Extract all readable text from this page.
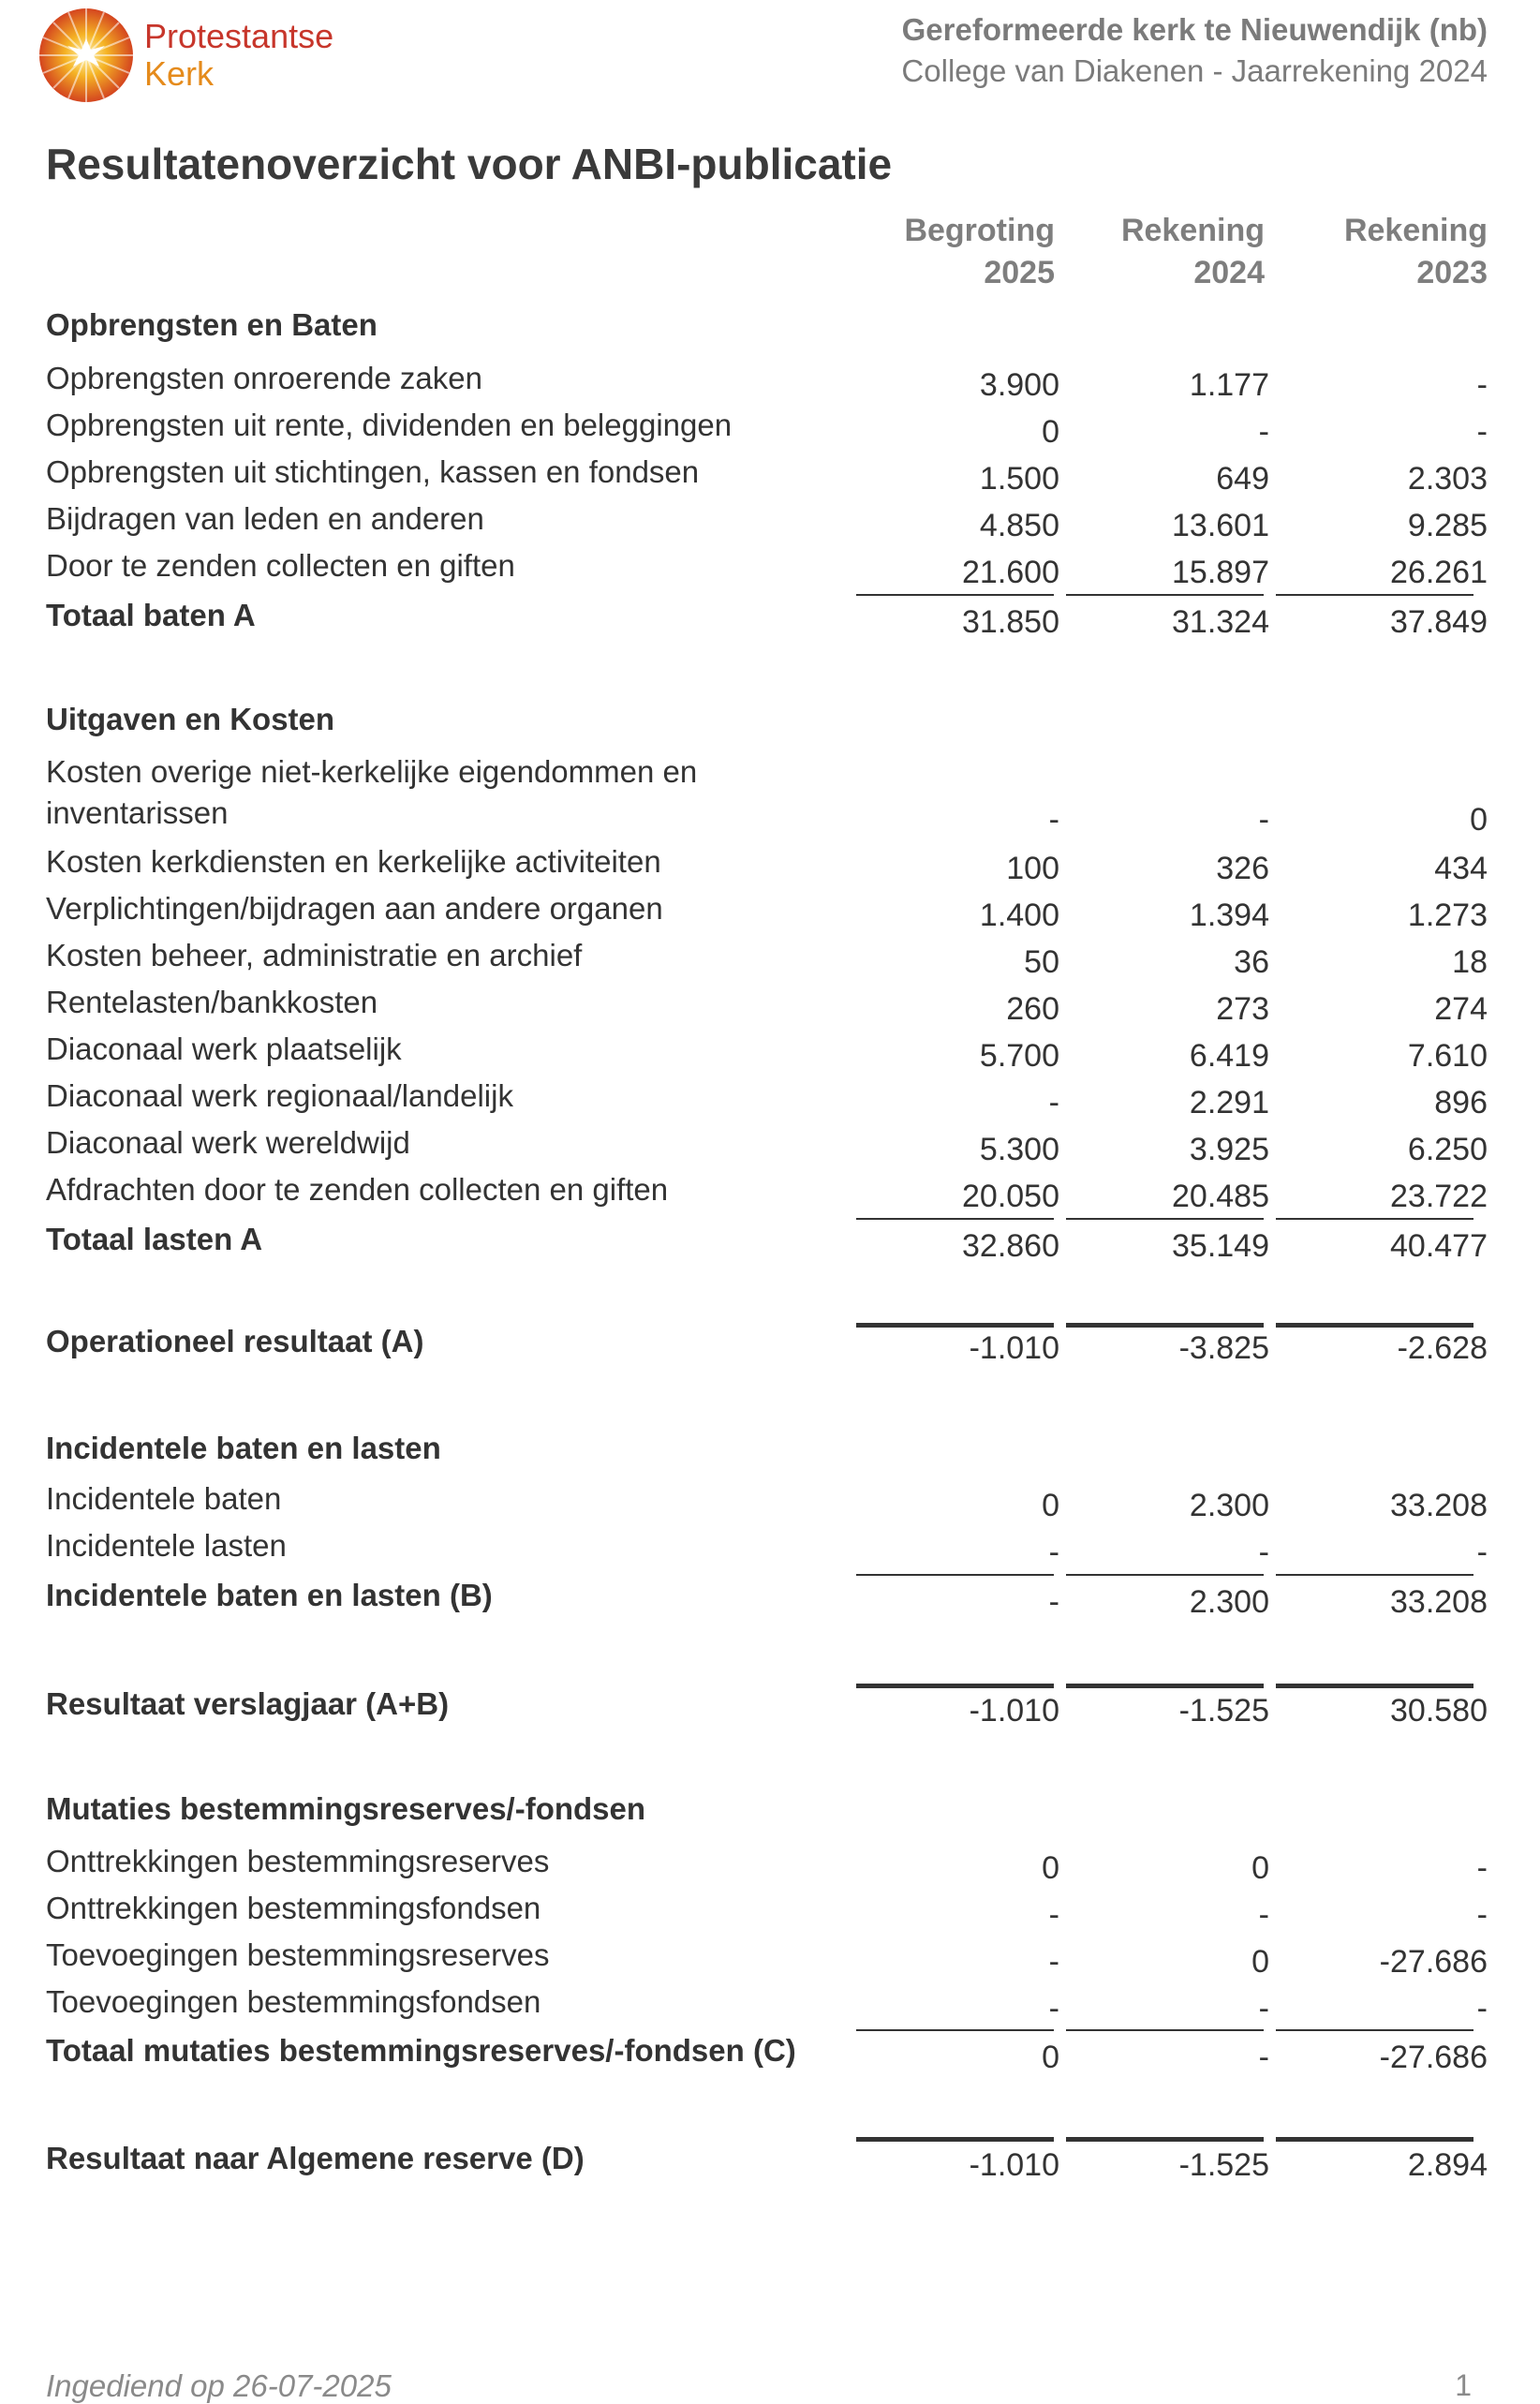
Protestantse
Kerk
Gereformeerde kerk te Nieuwendijk (nb)
College van Diakenen - Jaarrekening 2024
Resultatenoverzicht voor ANBI-publicatie
Begroting
2025
Rekening
2024
Rekening
2023
Opbrengsten en Baten
Opbrengsten onroerende zaken	3.900	1.177	-
Opbrengsten uit rente, dividenden en beleggingen	0	-	-
Opbrengsten uit stichtingen, kassen en fondsen	1.500	649	2.303
Bijdragen van leden en anderen	4.850	13.601	9.285
Door te zenden collecten en giften	21.600	15.897	26.261
Totaal baten A	31.850	31.324	37.849
Uitgaven en Kosten
Kosten overige niet-kerkelijke eigendommen en inventarissen	-	-	0
Kosten kerkdiensten en kerkelijke activiteiten	100	326	434
Verplichtingen/bijdragen aan andere organen	1.400	1.394	1.273
Kosten beheer, administratie en archief	50	36	18
Rentelasten/bankkosten	260	273	274
Diaconaal werk plaatselijk	5.700	6.419	7.610
Diaconaal werk regionaal/landelijk	-	2.291	896
Diaconaal werk wereldwijd	5.300	3.925	6.250
Afdrachten door te zenden collecten en giften	20.050	20.485	23.722
Totaal lasten A	32.860	35.149	40.477
Operationeel resultaat (A)	-1.010	-3.825	-2.628
Incidentele baten en lasten
Incidentele baten	0	2.300	33.208
Incidentele lasten	-	-	-
Incidentele baten en lasten (B)	-	2.300	33.208
Resultaat verslagjaar (A+B)	-1.010	-1.525	30.580
Mutaties bestemmingsreserves/-fondsen
Onttrekkingen bestemmingsreserves	0	0	-
Onttrekkingen bestemmingsfondsen	-	-	-
Toevoegingen bestemmingsreserves	-	0	-27.686
Toevoegingen bestemmingsfondsen	-	-	-
Totaal mutaties bestemmingsreserves/-fondsen (C)	0	-	-27.686
Resultaat naar Algemene reserve (D)	-1.010	-1.525	2.894
Ingediend op 26-07-2025	1
